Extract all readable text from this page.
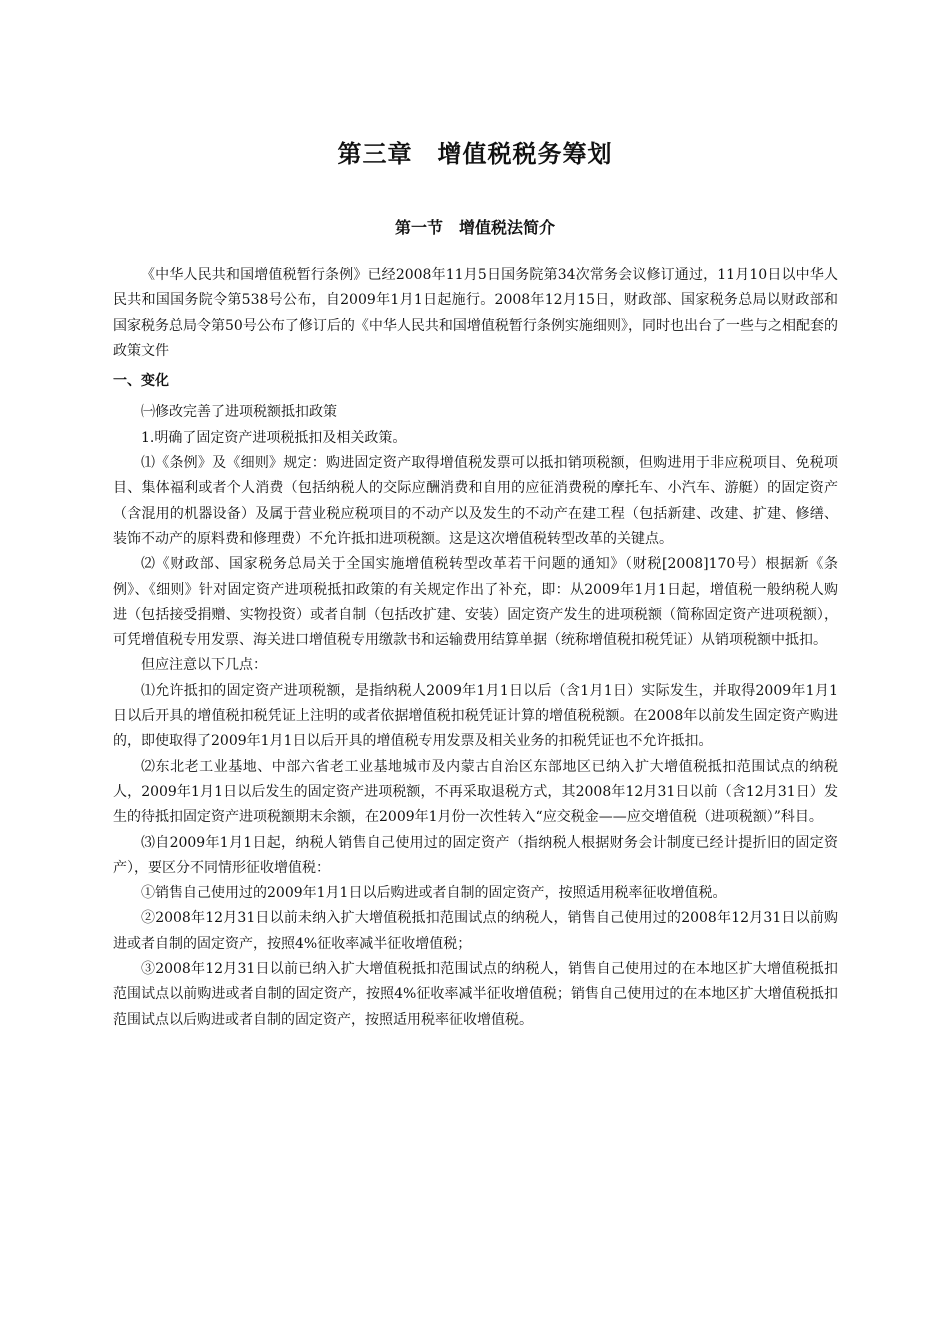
第三章　增值税税务筹划
第一节　增值税法简介

《中华人民共和国增值税暂行条例》已经2008年11月5日国务院第34次常务会议修订通过，11月10日以中华人民共和国国务院令第538号公布，自2009年1月1日起施行。2008年12月15日，财政部、国家税务总局以财政部和国家税务总局令第50号公布了修订后的《中华人民共和国增值税暂行条例实施细则》，同时也出台了一些与之相配套的政策文件

一、变化

㈠修改完善了进项税额抵扣政策

1.明确了固定资产进项税抵扣及相关政策。

⑴《条例》及《细则》规定：购进固定资产取得增值税发票可以抵扣销项税额，但购进用于非应税项目、免税项目、集体福利或者个人消费（包括纳税人的交际应酬消费和自用的应征消费税的摩托车、小汽车、游艇）的固定资产（含混用的机器设备）及属于营业税应税项目的不动产以及发生的不动产在建工程（包括新建、改建、扩建、修缮、装饰不动产的原料费和修理费）不允许抵扣进项税额。这是这次增值税转型改革的关键点。

⑵《财政部、国家税务总局关于全国实施增值税转型改革若干问题的通知》（财税[2008]170号）根据新《条例》、《细则》针对固定资产进项税抵扣政策的有关规定作出了补充，即：从2009年1月1日起，增值税一般纳税人购进（包括接受捐赠、实物投资）或者自制（包括改扩建、安装）固定资产发生的进项税额（简称固定资产进项税额），可凭增值税专用发票、海关进口增值税专用缴款书和运输费用结算单据（统称增值税扣税凭证）从销项税额中抵扣。

但应注意以下几点：

⑴允许抵扣的固定资产进项税额，是指纳税人2009年1月1日以后（含1月1日）实际发生，并取得2009年1月1日以后开具的增值税扣税凭证上注明的或者依据增值税扣税凭证计算的增值税税额。在2008年以前发生固定资产购进的，即使取得了2009年1月1日以后开具的增值税专用发票及相关业务的扣税凭证也不允许抵扣。

⑵东北老工业基地、中部六省老工业基地城市及内蒙古自治区东部地区已纳入扩大增值税抵扣范围试点的纳税人，2009年1月1日以后发生的固定资产进项税额，不再采取退税方式，其2008年12月31日以前（含12月31日）发生的待抵扣固定资产进项税额期末余额，在2009年1月份一次性转入“应交税金——应交增值税（进项税额）”科目。

⑶自2009年1月1日起，纳税人销售自己使用过的固定资产（指纳税人根据财务会计制度已经计提折旧的固定资产），要区分不同情形征收增值税：

①销售自己使用过的2009年1月1日以后购进或者自制的固定资产，按照适用税率征收增值税。

②2008年12月31日以前未纳入扩大增值税抵扣范围试点的纳税人，销售自己使用过的2008年12月31日以前购进或者自制的固定资产，按照4%征收率减半征收增值税；

③2008年12月31日以前已纳入扩大增值税抵扣范围试点的纳税人，销售自己使用过的在本地区扩大增值税抵扣范围试点以前购进或者自制的固定资产，按照4%征收率减半征收增值税；销售自己使用过的在本地区扩大增值税抵扣范围试点以后购进或者自制的固定资产，按照适用税率征收增值税。
